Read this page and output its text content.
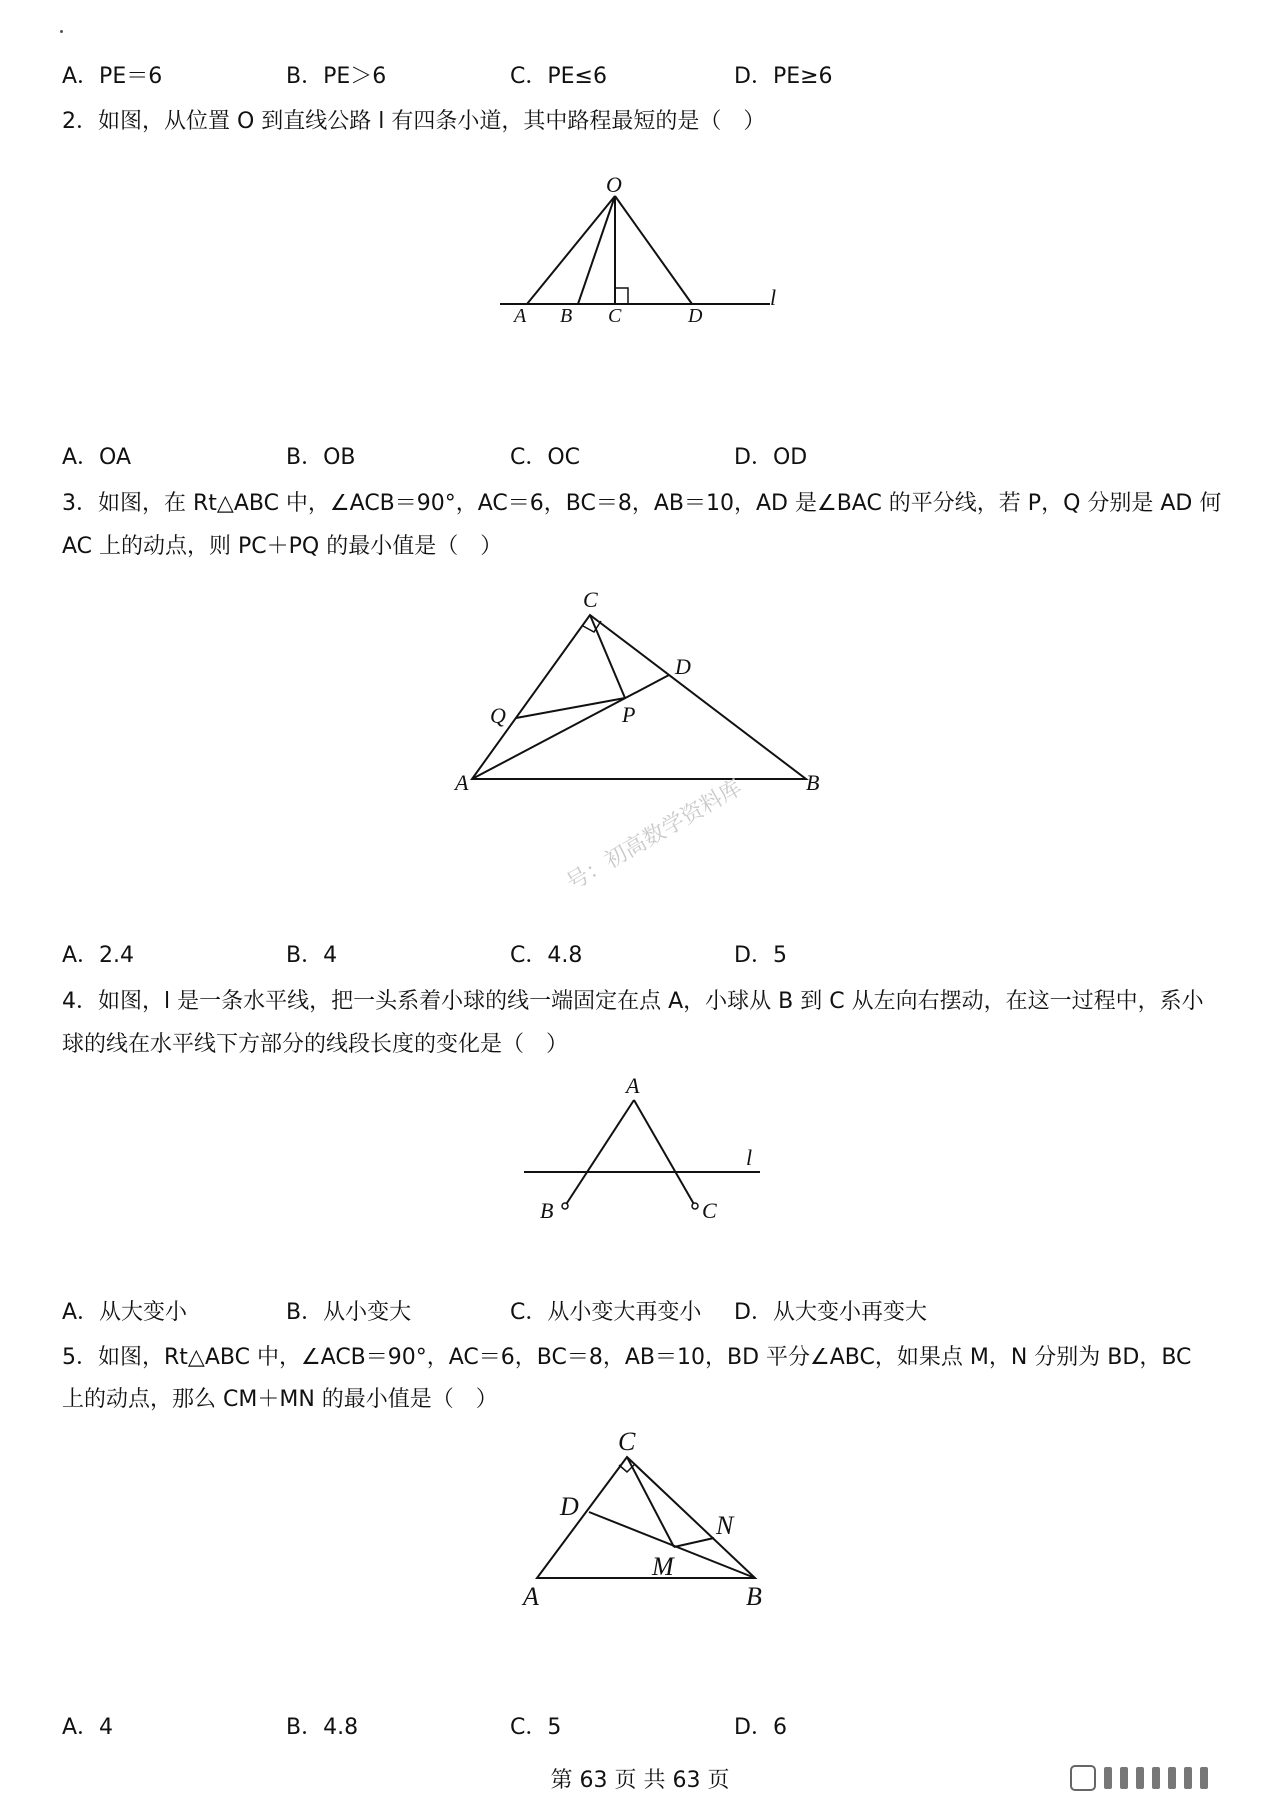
A．PE＝6	B．PE＞6	C．PE≤6	D．PE≥6
2．如图，从位置 O 到直线公路 l 有四条小道，其中路程最短的是（　）
O
A B C	D
l
A．OA	B．OB	C．OC	D．OD
3．如图，在 Rt△ABC 中，∠ACB＝90°，AC＝6，BC＝8，AB＝10，AD 是∠BAC 的平分线，若 P，Q 分别是 AD 何
AC 上的动点，则 PC＋PQ 的最小值是（　）
C
D
Q	P
A	B
号：初高数学资料库
A．2.4	B．4	C．4.8	D．5
4．如图，l 是一条水平线，把一头系着小球的线一端固定在点 A，小球从 B 到 C 从左向右摆动，在这一过程中，系小
球的线在水平线下方部分的线段长度的变化是（　）
A
l
B	C
A．从大变小	B．从小变大	C．从小变大再变小 D．从大变小再变大
5．如图，Rt△ABC 中，∠ACB＝90°，AC＝6，BC＝8，AB＝10，BD 平分∠ABC，如果点 M，N 分别为 BD，BC
上的动点，那么 CM＋MN 的最小值是（　）
C
D
N
M
A	B
A．4	B．4.8	C．5	D．6
第 63 页 共 63 页
